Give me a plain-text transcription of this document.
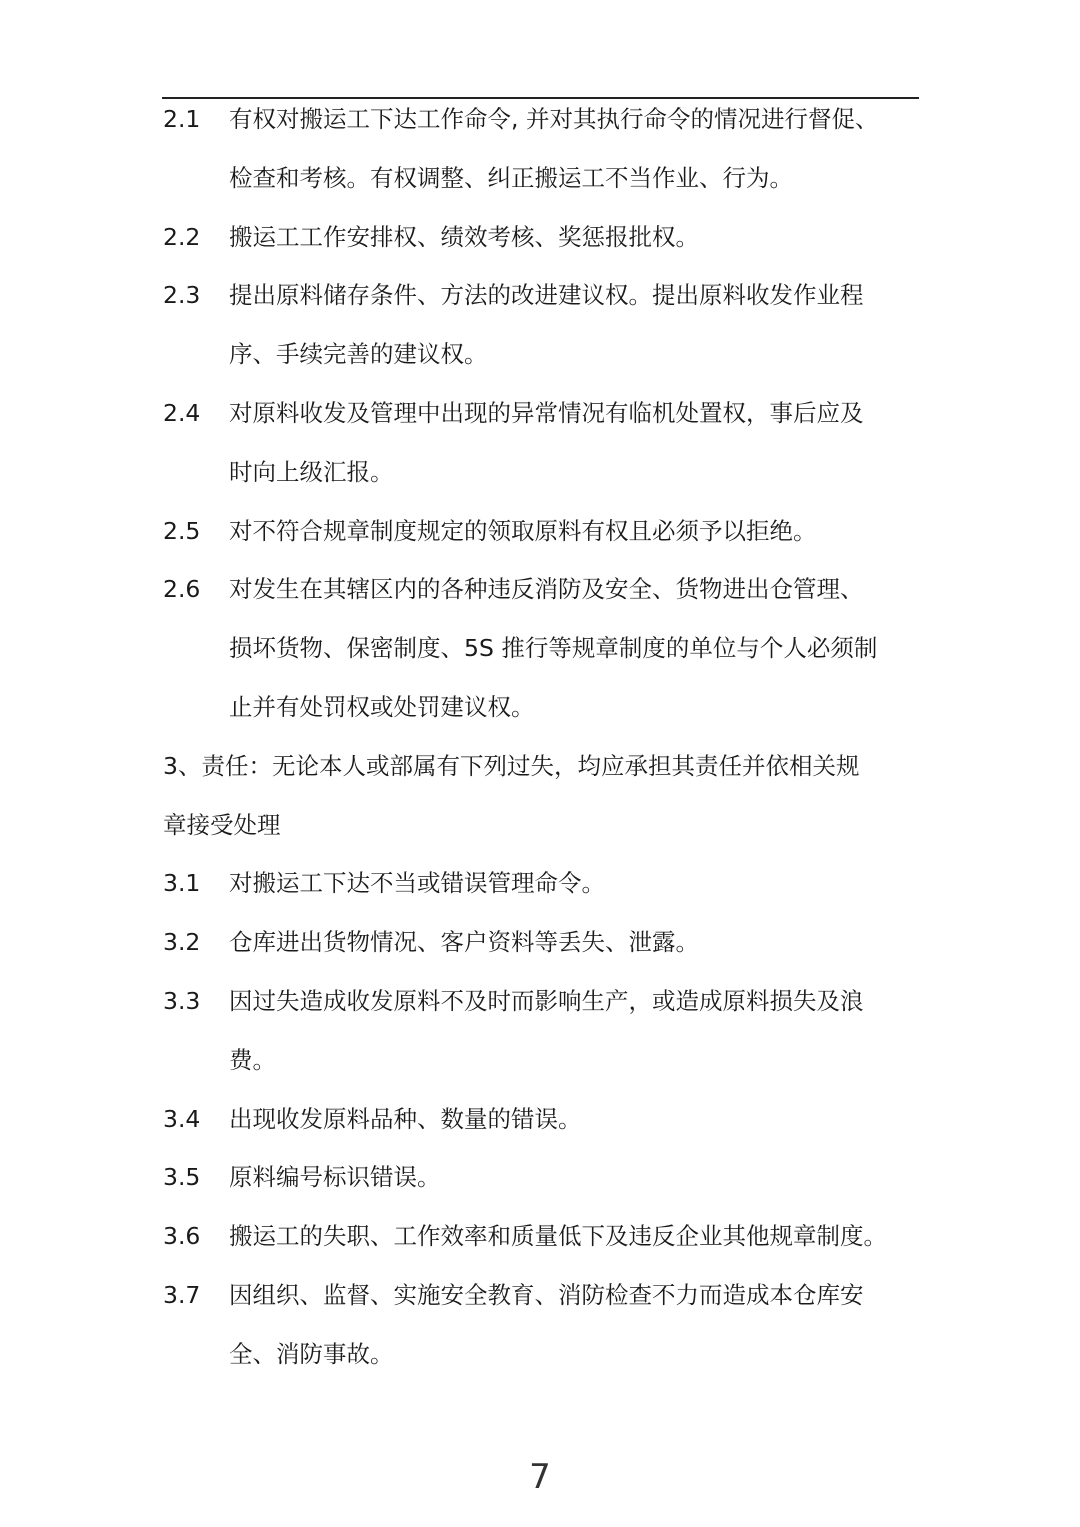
2.1	有权对搬运工下达工作命令, 并对其执行命令的情况进行督促、
检查和考核。有权调整、纠正搬运工不当作业、行为。
2.2	搬运工工作安排权、绩效考核、奖惩报批权。
2.3	提出原料储存条件、方法的改进建议权。提出原料收发作业程
序、手续完善的建议权。
2.4	对原料收发及管理中出现的异常情况有临机处置权，事后应及
时向上级汇报。
2.5	对不符合规章制度规定的领取原料有权且必须予以拒绝。
2.6	对发生在其辖区内的各种违反消防及安全、货物进出仓管理、
损坏货物、保密制度、5S 推行等规章制度的单位与个人必须制
止并有处罚权或处罚建议权。
3、责任：无论本人或部属有下列过失，均应承担其责任并依相关规
章接受处理
3.1	对搬运工下达不当或错误管理命令。
3.2	仓库进出货物情况、客户资料等丢失、泄露。
3.3	因过失造成收发原料不及时而影响生产，或造成原料损失及浪
费。
3.4	出现收发原料品种、数量的错误。
3.5	原料编号标识错误。
3.6	搬运工的失职、工作效率和质量低下及违反企业其他规章制度。
3.7	因组织、监督、实施安全教育、消防检查不力而造成本仓库安
全、消防事故。
7
